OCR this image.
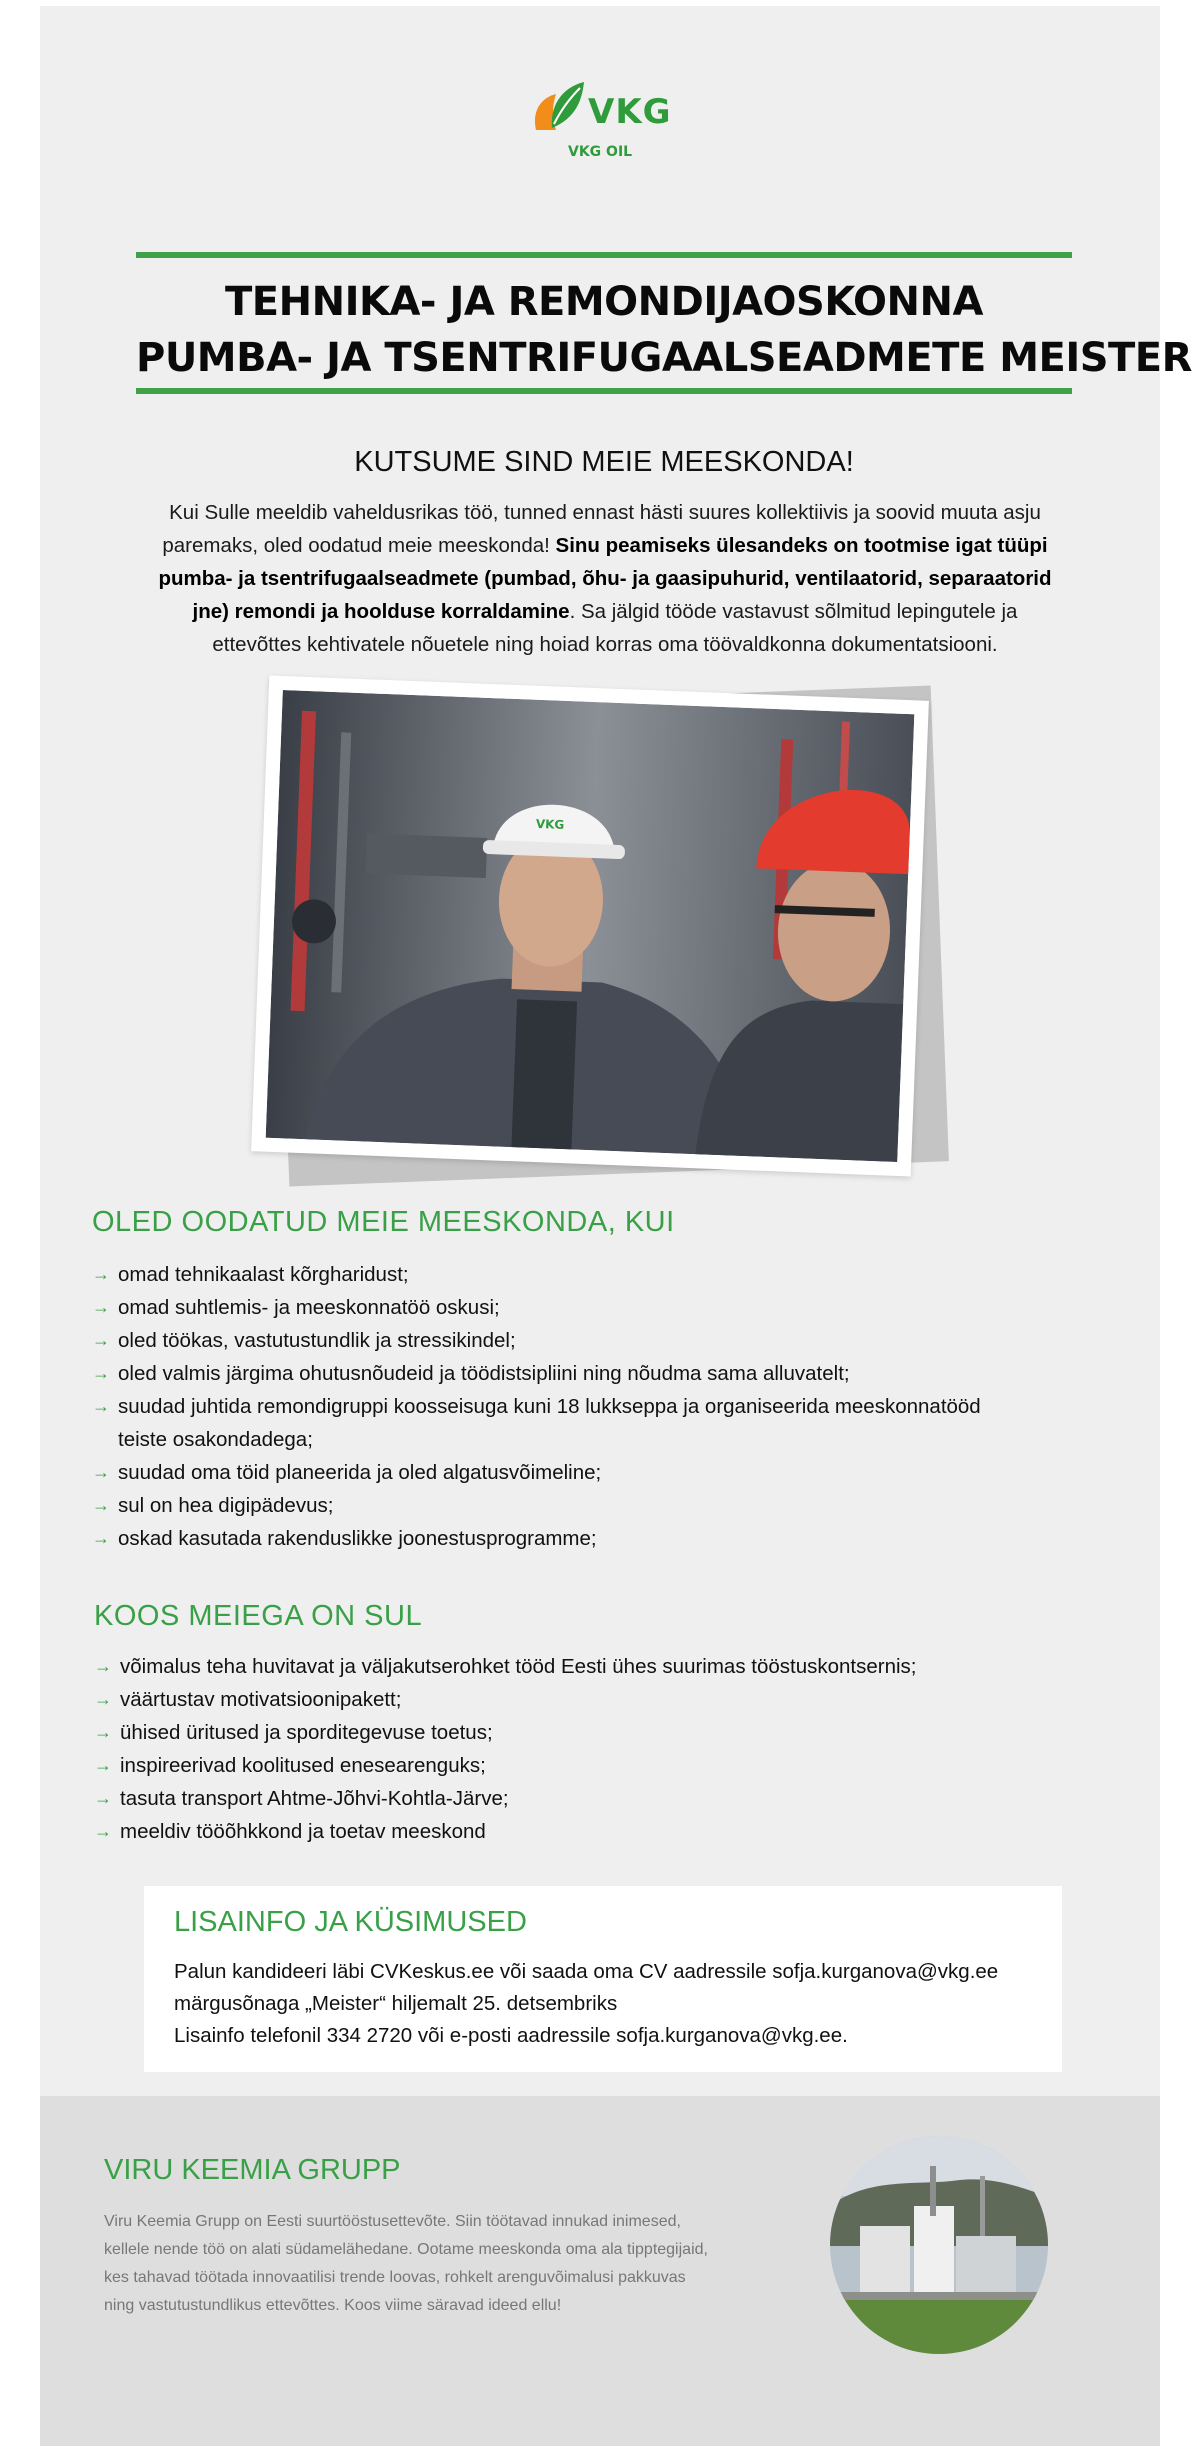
VKG
VKG OIL
TEHNIKA- JA REMONDIJAOSKONNA
PUMBA- JA TSENTRIFUGAALSEADMETE MEISTER
KUTSUME SIND MEIE MEESKONDA!
Kui Sulle meeldib vaheldusrikas töö, tunned ennast hästi suures kollektiivis ja soovid muuta asju paremaks, oled oodatud meie meeskonda! Sinu peamiseks ülesandeks on tootmise igat tüüpi pumba- ja tsentrifugaalseadmete (pumbad, õhu- ja gaasipuhurid, ventilaatorid, separaatorid jne) remondi ja hoolduse korraldamine. Sa jälgid tööde vastavust sõlmitud lepingutele ja ettevõttes kehtivatele nõuetele ning hoiad korras oma töövaldkonna dokumentatsiooni.
VKG
OLED OODATUD MEIE MEESKONDA, KUI
→ omad tehnikaalast kõrgharidust;
→ omad suhtlemis- ja meeskonnatöö oskusi;
→ oled töökas, vastutustundlik ja stressikindel;
→ oled valmis järgima ohutusnõudeid ja töödistsipliini ning nõudma sama alluvatelt;
→ suudad juhtida remondigruppi koosseisuga kuni 18 lukkseppa ja organiseerida meeskonnatööd teiste osakondadega;
→ suudad oma töid planeerida ja oled algatusvõimeline;
→ sul on hea digipädevus;
→ oskad kasutada rakenduslikke joonestusprogramme;
KOOS MEIEGA ON SUL
→ võimalus teha huvitavat ja väljakutserohket tööd Eesti ühes suurimas tööstuskontsernis;
→ väärtustav motivatsioonipakett;
→ ühised üritused ja sporditegevuse toetus;
→ inspireerivad koolitused enesearenguks;
→ tasuta transport Ahtme-Jõhvi-Kohtla-Järve;
→ meeldiv tööõhkkond ja toetav meeskond
LISAINFO JA KÜSIMUSED
Palun kandideeri läbi CVKeskus.ee või saada oma CV aadressile sofja.kurganova@vkg.ee
märgusõnaga „Meister“ hiljemalt 25. detsembriks
Lisainfo telefonil 334 2720 või e-posti aadressile sofja.kurganova@vkg.ee.
VIRU KEEMIA GRUPP
Viru Keemia Grupp on Eesti suurtööstusettevõte. Siin töötavad innukad inimesed, kellele nende töö on alati südamelähedane. Ootame meeskonda oma ala tipptegijaid, kes tahavad töötada innovaatilisi trende loovas, rohkelt arenguvõimalusi pakkuvas ning vastutustundlikus ettevõttes. Koos viime säravad ideed ellu!
